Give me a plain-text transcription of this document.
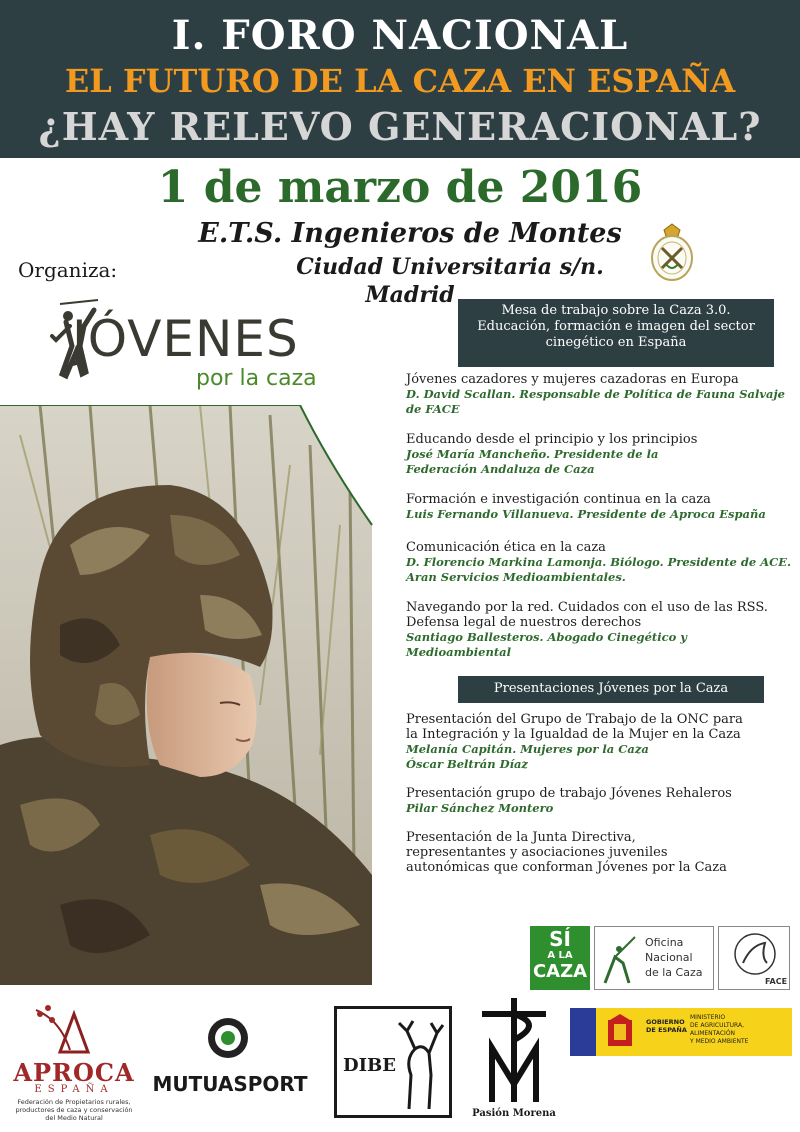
I. FORO NACIONAL
EL FUTURO DE LA CAZA EN ESPAÑA
¿HAY RELEVO GENERACIONAL?
1 de marzo de 2016
E.T.S. Ingenieros de Montes
Ciudad Universitaria s/n.
Madrid
Organiza:
JÓVENES
por la caza
Mesa de trabajo sobre la Caza 3.0.
Educación, formación e imagen del sector
cinegético en España
Jóvenes cazadores y mujeres cazadoras en Europa
D. David Scallan. Responsable de Política de Fauna Salvaje
de FACE
Educando desde el principio y los principios
José María Mancheño. Presidente de la
Federación Andaluza de Caza
Formación e investigación continua en la caza
Luis Fernando Villanueva. Presidente de Aproca España
Comunicación ética en la caza
D. Florencio Markina Lamonja. Biólogo. Presidente de ACE.
Aran Servicios Medioambientales.
Navegando por la red. Cuidados con el uso de las RSS.
Defensa legal de nuestros derechos
Santiago Ballesteros. Abogado Cinegético y
Medioambiental
Presentaciones Jóvenes por la Caza
Presentación del Grupo de Trabajo de la ONC para
la Integración y la Igualdad de la Mujer en la Caza
Melanía Capitán. Mujeres por la Caza
Óscar Beltrán Díaz
Presentación grupo de trabajo Jóvenes Rehaleros
Pilar Sánchez Montero
Presentación de la Junta Directiva,
representantes y asociaciones juveniles
autonómicas que conforman Jóvenes por la Caza
SÍ
A LA
CAZA
Oficina
Nacional
de la Caza
FACE
APROCA
ESPAÑA
Federación de Propietarios rurales,
productores de caza y conservación
del Medio Natural
MUTUASPORT
DIBE
Pasión Morena
GOBIERNO
DE ESPAÑA
MINISTERIO
DE AGRICULTURA, ALIMENTACIÓN
Y MEDIO AMBIENTE
